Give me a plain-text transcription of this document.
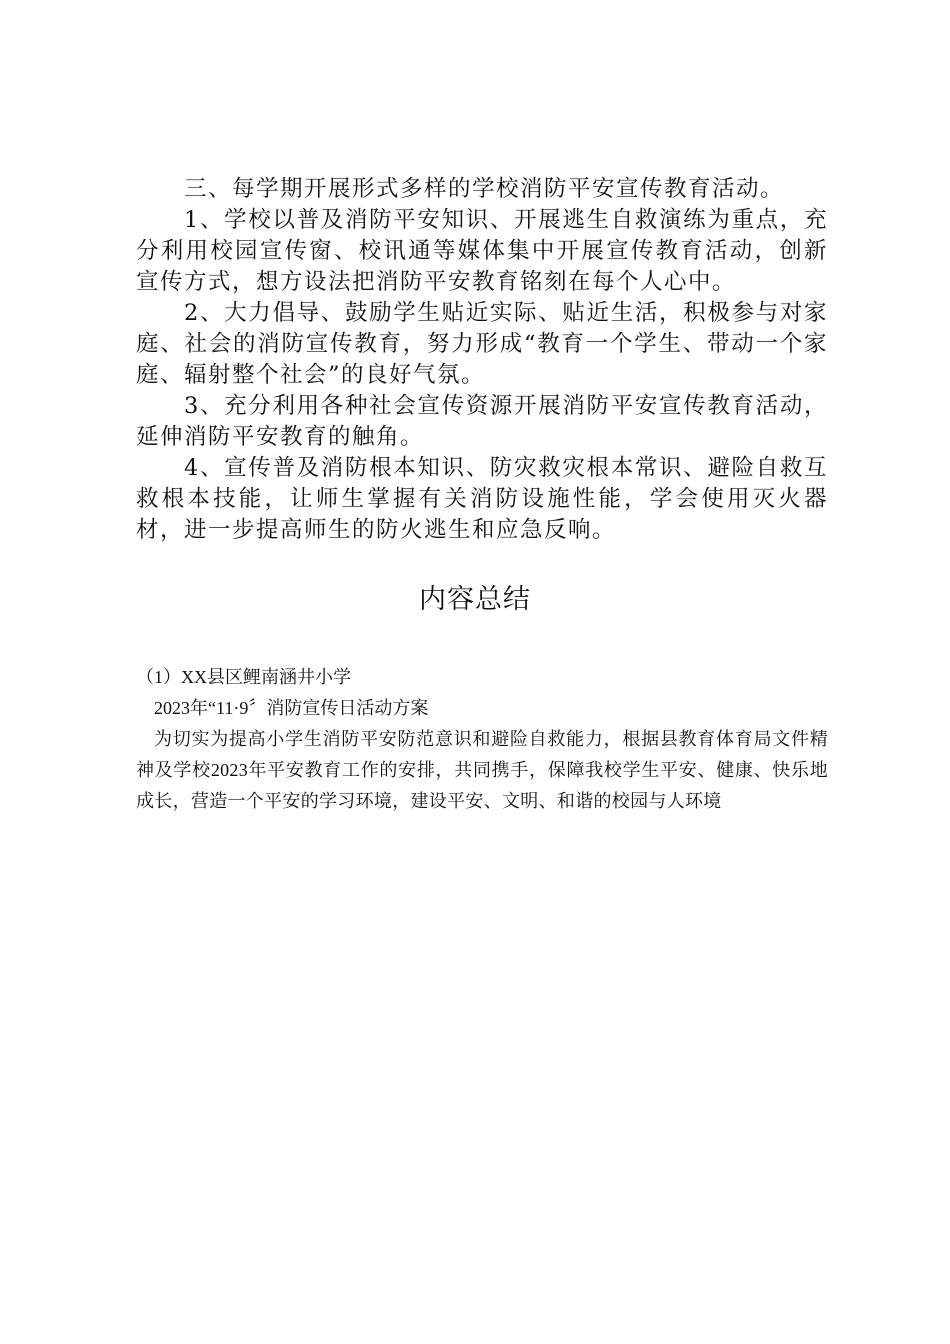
三、每学期开展形式多样的学校消防平安宣传教育活动。

1、学校以普及消防平安知识、开展逃生自救演练为重点，充分利用校园宣传窗、校讯通等媒体集中开展宣传教育活动，创新宣传方式，想方设法把消防平安教育铭刻在每个人心中。

2、大力倡导、鼓励学生贴近实际、贴近生活，积极参与对家庭、社会的消防宣传教育，努力形成“教育一个学生、带动一个家庭、辐射整个社会”的良好气氛。

3、充分利用各种社会宣传资源开展消防平安宣传教育活动，延伸消防平安教育的触角。

4、宣传普及消防根本知识、防灾救灾根本常识、避险自救互救根本技能，让师生掌握有关消防设施性能，学会使用灭火器材，进一步提高师生的防火逃生和应急反响。

内容总结

（1）XX县区鲤南涵井小学

2023年“11·9〞消防宣传日活动方案

为切实为提高小学生消防平安防范意识和避险自救能力，根据县教育体育局文件精神及学校2023年平安教育工作的安排，共同携手，保障我校学生平安、健康、快乐地成长，营造一个平安的学习环境，建设平安、文明、和谐的校园与人环境
